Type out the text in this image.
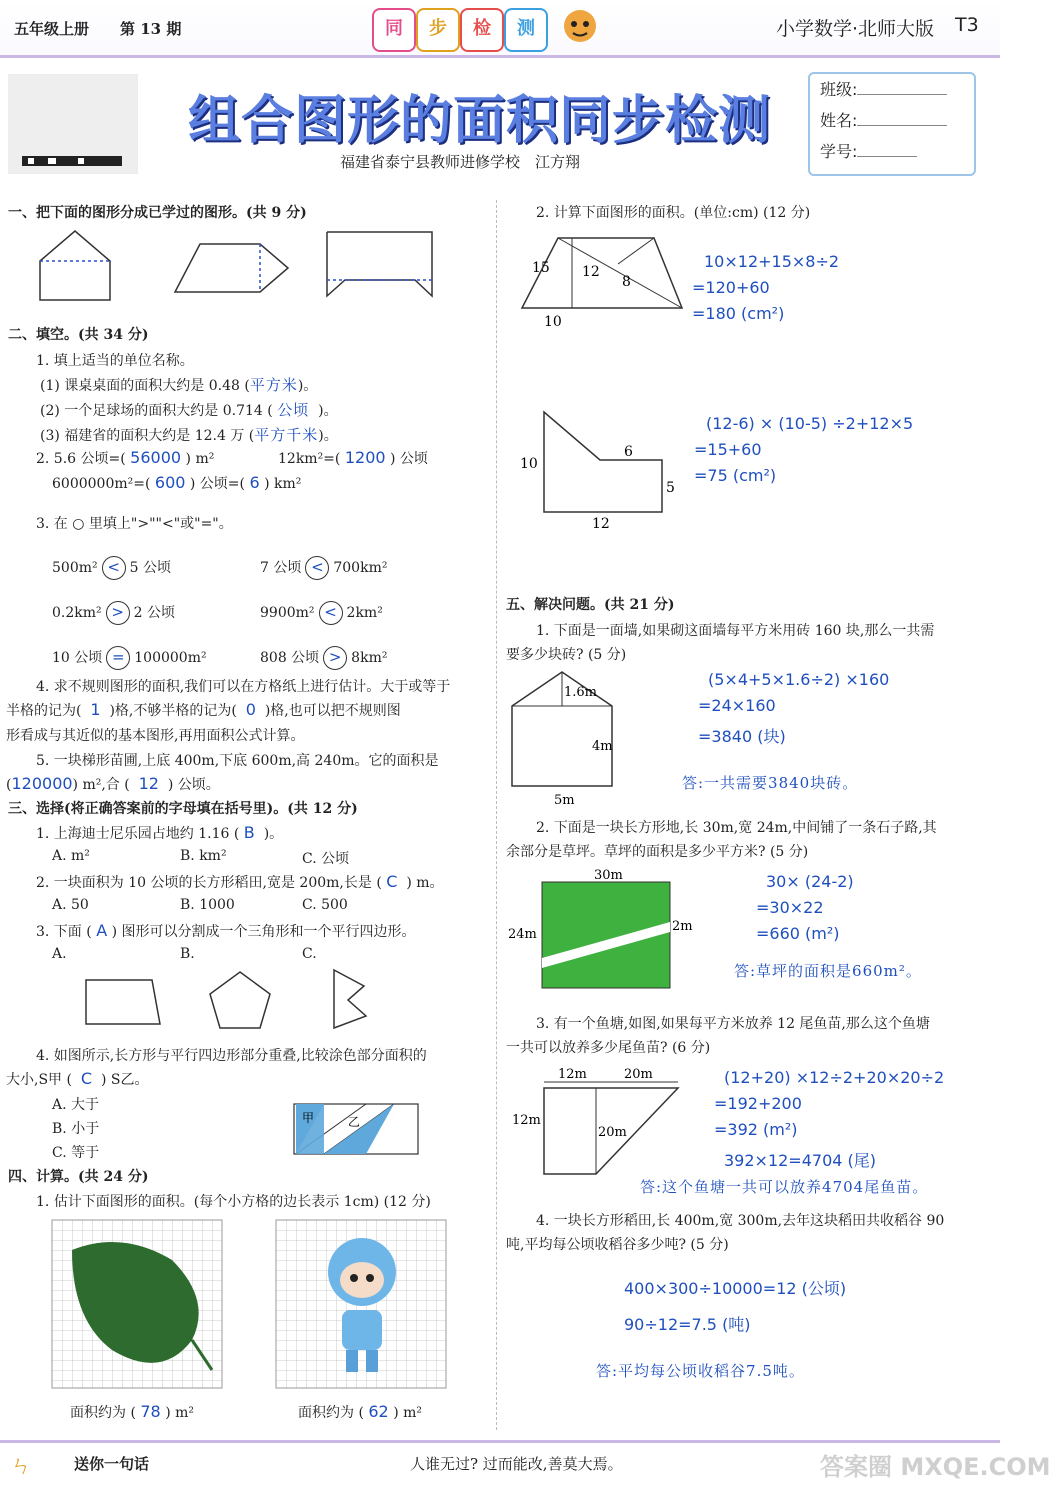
五年级上册 第 13 期	同	步	检	测	小学数学·北师大版 T3
组合图形的面积同步检测
福建省泰宁县教师进修学校　江方翔
班级:
姓名:
学号:
一、把下面的图形分成已学过的图形。(共 9 分)
二、填空。(共 34 分)
1. 填上适当的单位名称。
(1) 课桌桌面的面积大约是 0.48 (平方米)。
(2) 一个足球场的面积大约是 0.714 ( 公顷 )。
(3) 福建省的面积大约是 12.4 万 (平方千米)。
2. 5.6 公顷=( 56000 ) m²	12km²=( 1200 ) 公顷
6000000m²=( 600 ) 公顷=( 6 ) km²
3. 在 ○ 里填上">""<"或"="。
500m² < 5 公顷	7 公顷 < 700km²
0.2km² > 2 公顷	9900m² < 2km²
10 公顷 = 100000m²	808 公顷 > 8km²
4. 求不规则图形的面积,我们可以在方格纸上进行估计。大于或等于
半格的记为( 1 )格,不够半格的记为( 0 )格,也可以把不规则图
形看成与其近似的基本图形,再用面积公式计算。
5. 一块梯形苗圃,上底 400m,下底 600m,高 240m。它的面积是
(120000) m²,合 ( 12 ) 公顷。
三、选择(将正确答案前的字母填在括号里)。(共 12 分)
1. 上海迪士尼乐园占地约 1.16 ( B )。
A. m²	B. km²	C. 公顷
2. 一块面积为 10 公顷的长方形稻田,宽是 200m,长是 ( C ) m。
A. 50	B. 1000	C. 500
3. 下面 ( A ) 图形可以分割成一个三角形和一个平行四边形。
A.	B.	C.
4. 如图所示,长方形与平行四边形部分重叠,比较涂色部分面积的
大小,S甲 ( C ) S乙。
A. 大于
B. 小于
C. 等于
甲	乙
四、计算。(共 24 分)
1. 估计下面图形的面积。(每个小方格的边长表示 1cm) (12 分)
面积约为 ( 78 ) m²	面积约为 ( 62 ) m²
2. 计算下面图形的面积。(单位:cm) (12 分)
15 12
8
10
10×12+15×8÷2
=120+60
=180 (cm²)
10
6
5
12
(12-6) × (10-5) ÷2+12×5
=15+60
=75 (cm²)
五、解决问题。(共 21 分)
1. 下面是一面墙,如果砌这面墙每平方米用砖 160 块,那么一共需
要多少块砖? (5 分)
1.6m
4m
5m
(5×4+5×1.6÷2) ×160
=24×160
=3840 (块)
答:一共需要3840块砖。
2. 下面是一块长方形地,长 30m,宽 24m,中间铺了一条石子路,其
余部分是草坪。草坪的面积是多少平方米? (5 分)
30m
24m
2m
30× (24-2)
=30×22
=660 (m²)
答:草坪的面积是660m²。
3. 有一个鱼塘,如图,如果每平方米放养 12 尾鱼苗,那么这个鱼塘
一共可以放养多少尾鱼苗? (6 分)
12m	20m
12m
20m
(12+20) ×12÷2+20×20÷2
=192+200
=392 (m²)
392×12=4704 (尾)
答:这个鱼塘一共可以放养4704尾鱼苗。
4. 一块长方形稻田,长 400m,宽 300m,去年这块稻田共收稻谷 90
吨,平均每公顷收稻谷多少吨? (5 分)
400×300÷10000=12 (公顷)
90÷12=7.5 (吨)
答:平均每公顷收稻谷7.5吨。
ㄣ	送你一句话	人谁无过? 过而能改,善莫大焉。	答案圈 MXQE.COM
